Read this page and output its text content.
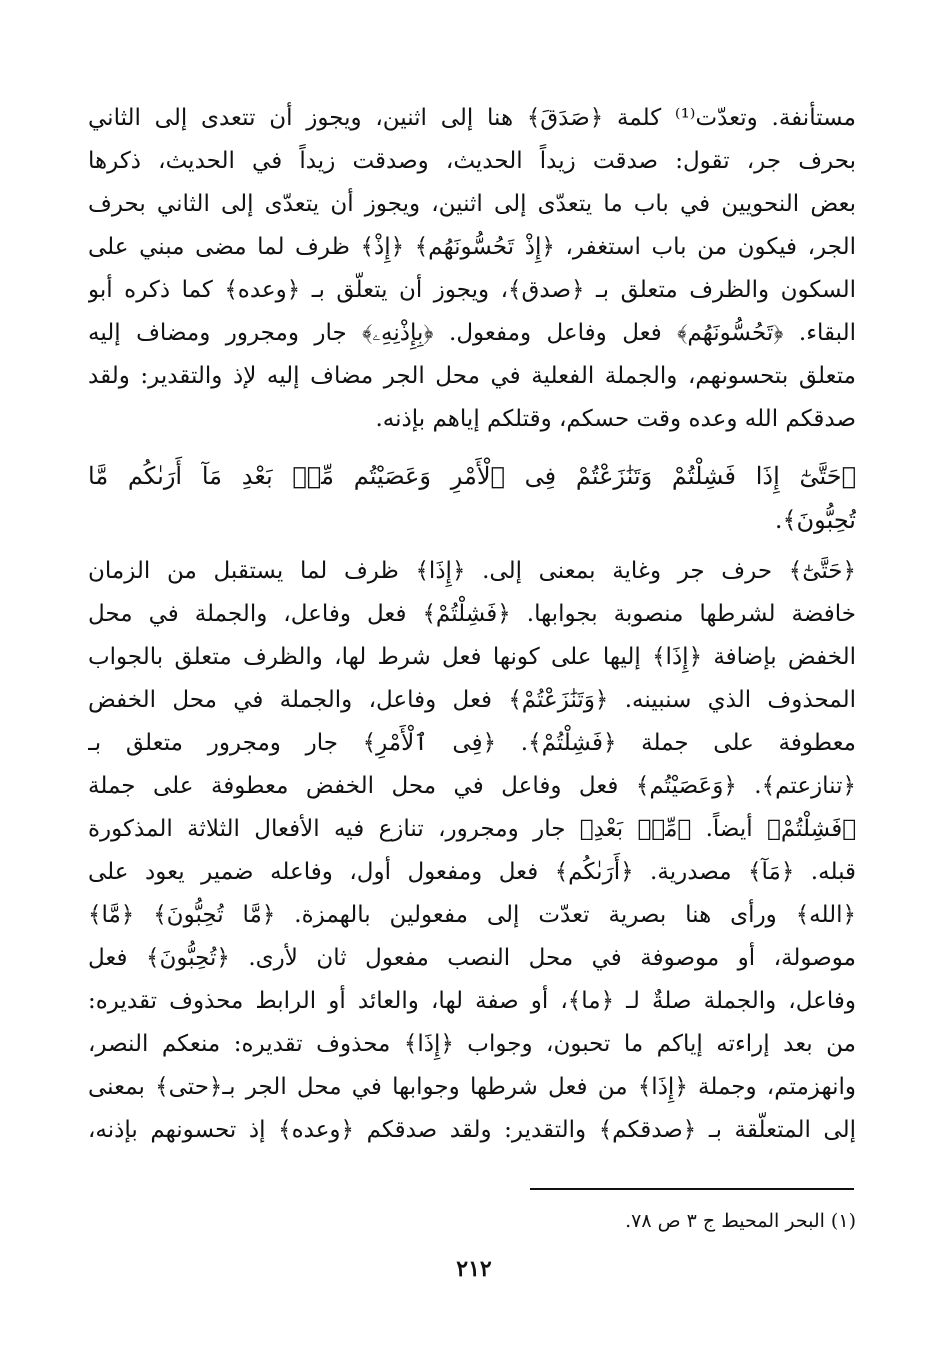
مستأنفة. وتعدّت⁽¹⁾ كلمة ﴿صَدَقَ﴾ هنا إلى اثنين، ويجوز أن تتعدى إلى الثاني
بحرف جر، تقول: صدقت زيداً الحديث، وصدقت زيداً في الحديث، ذكرها
بعض النحويين في باب ما يتعدّى إلى اثنين، ويجوز أن يتعدّى إلى الثاني بحرف
الجر، فيكون من باب استغفر، ﴿إِذْ تَحُسُّونَهُم﴾ ﴿إِذْ﴾ ظرف لما مضى مبني على
السكون والظرف متعلق بـ ﴿صدق﴾، ويجوز أن يتعلّق بـ ﴿وعده﴾ كما ذكره أبو
البقاء. ﴿تَحُسُّونَهُم﴾ فعل وفاعل ومفعول. ﴿بِإِذْنِهِۦ﴾ جار ومجرور ومضاف إليه
متعلق بتحسونهم، والجملة الفعلية في محل الجر مضاف إليه لإذ والتقدير: ولقد
صدقكم الله وعده وقت حسكم، وقتلكم إياهم بإذنه.
﴿حَتَّىٰٓ إِذَا فَشِلْتُمْ وَتَنَٰزَعْتُمْ فِى ٱلْأَمْرِ وَعَصَيْتُم مِّنۢ بَعْدِ مَآ أَرَىٰكُم مَّا
تُحِبُّونَ﴾.
﴿حَتَّىٰٓ﴾ حرف جر وغاية بمعنى إلى. ﴿إِذَا﴾ ظرف لما يستقبل من الزمان
خافضة لشرطها منصوبة بجوابها. ﴿فَشِلْتُمْ﴾ فعل وفاعل، والجملة في محل
الخفض بإضافة ﴿إِذَا﴾ إليها على كونها فعل شرط لها، والظرف متعلق بالجواب
المحذوف الذي سنبينه. ﴿وَتَنَٰزَعْتُمْ﴾ فعل وفاعل، والجملة في محل الخفض
معطوفة على جملة ﴿فَشِلْتُمْ﴾. ﴿فِى ٱلْأَمْرِ﴾ جار ومجرور متعلق بـ
﴿تنازعتم﴾. ﴿وَعَصَيْتُم﴾ فعل وفاعل في محل الخفض معطوفة على جملة
﴿فَشِلْتُمْ﴾ أيضاً. ﴿مِّنۢ بَعْدِ﴾ جار ومجرور، تنازع فيه الأفعال الثلاثة المذكورة
قبله. ﴿مَآ﴾ مصدرية. ﴿أَرَىٰكُم﴾ فعل ومفعول أول، وفاعله ضمير يعود على
﴿الله﴾ ورأى هنا بصرية تعدّت إلى مفعولين بالهمزة. ﴿مَّا تُحِبُّونَ﴾ ﴿مَّا﴾
موصولة، أو موصوفة في محل النصب مفعول ثان لأرى. ﴿تُحِبُّونَ﴾ فعل
وفاعل، والجملة صلةٌ لـ ﴿ما﴾، أو صفة لها، والعائد أو الرابط محذوف تقديره:
من بعد إراءته إياكم ما تحبون، وجواب ﴿إِذَا﴾ محذوف تقديره: منعكم النصر،
وانهزمتم، وجملة ﴿إِذَا﴾ من فعل شرطها وجوابها في محل الجر بـ﴿حتى﴾ بمعنى
إلى المتعلّقة بـ ﴿صدقكم﴾ والتقدير: ولقد صدقكم ﴿وعده﴾ إذ تحسونهم بإذنه،
(١) البحر المحيط ج ٣ ص ٧٨.
٢١٢
